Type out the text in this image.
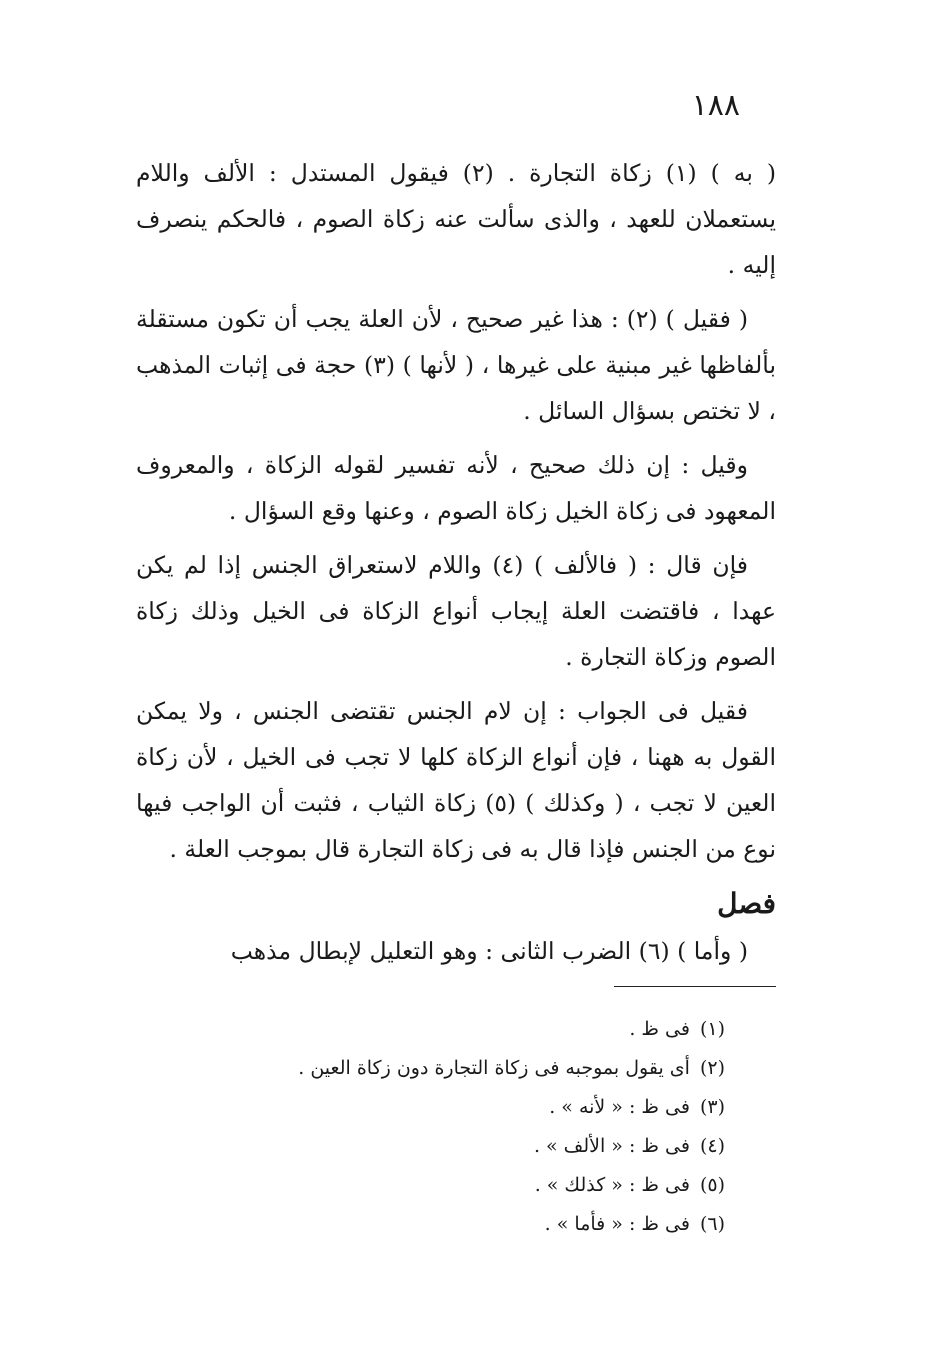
١٨٨

( به ) (١) زكاة التجارة . (٢) فيقول المستدل : الألف واللام يستعملان للعهد ، والذى سألت عنه زكاة الصوم ، فالحكم ينصرف إليه .

( فقيل ) (٢) : هذا غير صحيح ، لأن العلة يجب أن تكون مستقلة بألفاظها غير مبنية على غيرها ، ( لأنها ) (٣) حجة فى إثبات المذهب ، لا تختص بسؤال السائل .

وقيل : إن ذلك صحيح ، لأنه تفسير لقوله الزكاة ، والمعروف المعهود فى زكاة الخيل زكاة الصوم ، وعنها وقع السؤال .

فإن قال : ( فالألف ) (٤) واللام لاستعراق الجنس إذا لم يكن عهدا ، فاقتضت العلة إيجاب أنواع الزكاة فى الخيل وذلك زكاة الصوم وزكاة التجارة .

فقيل فى الجواب : إن لام الجنس تقتضى الجنس ، ولا يمكن القول به ههنا ، فإن أنواع الزكاة كلها لا تجب فى الخيل ، لأن زكاة العين لا تجب ، ( وكذلك ) (٥) زكاة الثياب ، فثبت أن الواجب فيها نوع من الجنس فإذا قال به فى زكاة التجارة قال بموجب العلة .

فصل

( وأما ) (٦) الضرب الثانى : وهو التعليل لإبطال مذهب

(١)فى ظ .
(٢)أى يقول بموجبه فى زكاة التجارة دون زكاة العين .
(٣)فى ظ : « لأنه » .
(٤)فى ظ : « الألف » .
(٥)فى ظ : « كذلك » .
(٦)فى ظ : « فأما » .
